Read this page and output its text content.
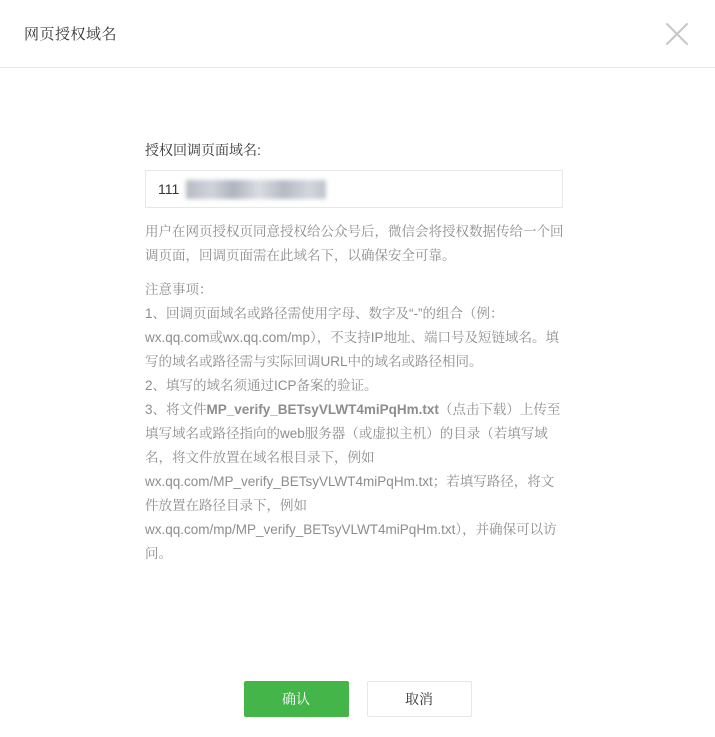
网页授权域名
授权回调页面域名:
111
用户在网页授权页同意授权给公众号后，微信会将授权数据传给一个回调页面，回调页面需在此域名下，以确保安全可靠。
注意事项：

1、回调页面域名或路径需使用字母、数字及“-”的组合（例：wx.qq.com或wx.qq.com/mp），不支持IP地址、端口号及短链域名。填写的域名或路径需与实际回调URL中的域名或路径相同。

2、填写的域名须通过ICP备案的验证。

3、将文件MP_verify_BETsyVLWT4miPqHm.txt（点击下载）上传至填写域名或路径指向的web服务器（或虚拟主机）的目录（若填写域名，将文件放置在域名根目录下，例如 wx.qq.com/MP_verify_BETsyVLWT4miPqHm.txt；若填写路径，将文件放置在路径目录下，例如 wx.qq.com/mp/MP_verify_BETsyVLWT4miPqHm.txt），并确保可以访问。

确认	取消
